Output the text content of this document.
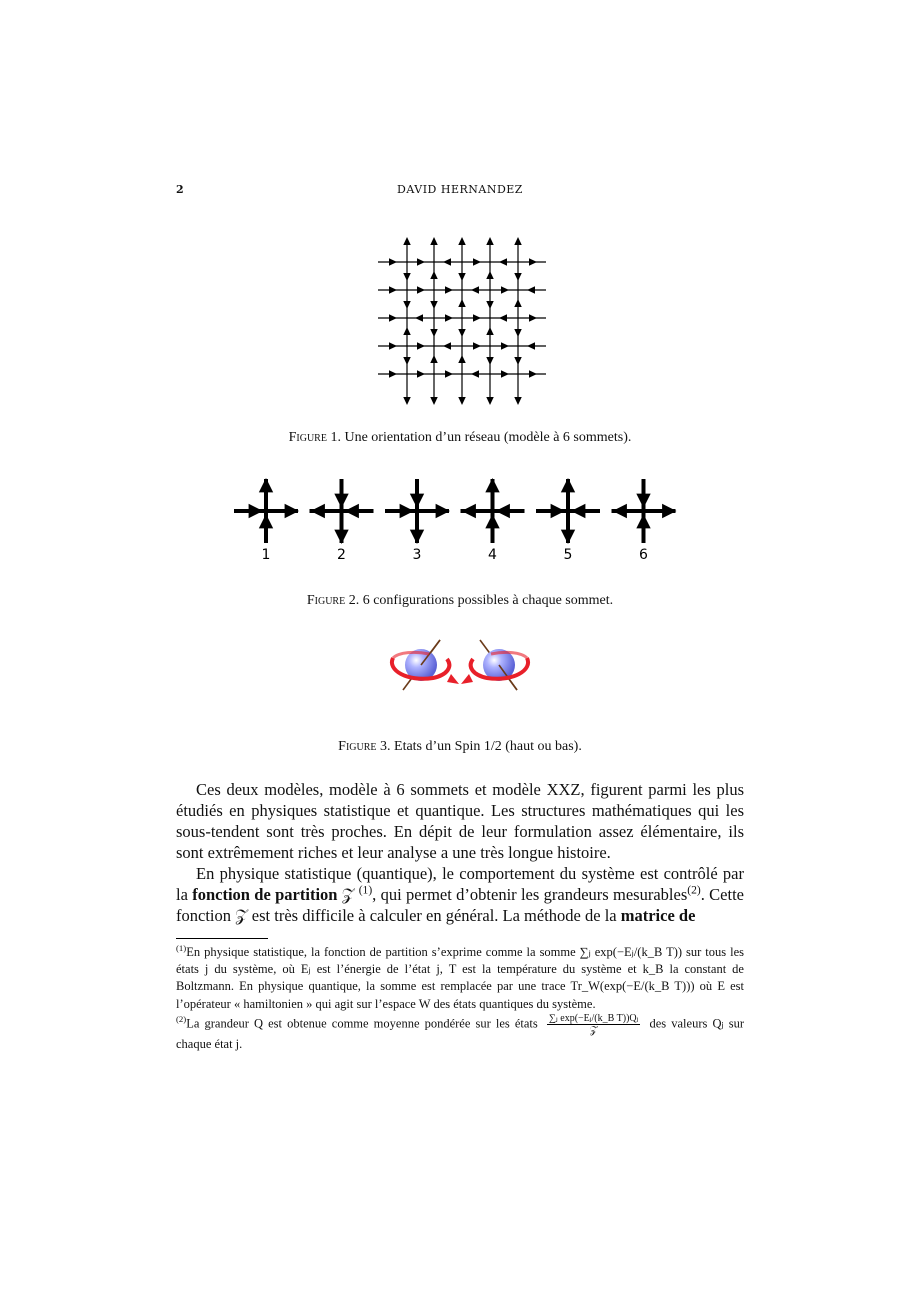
2	DAVID HERNANDEZ
Figure 1. Une orientation d’un réseau (modèle à 6 sommets).
1	2	3	4	5	6
Figure 2. 6 configurations possibles à chaque sommet.
Figure 3. Etats d’un Spin 1/2 (haut ou bas).

Ces deux modèles, modèle à 6 sommets et modèle XXZ, figurent parmi les plus étudiés en physiques statistique et quantique. Les structures mathématiques qui les sous-tendent sont très proches. En dépit de leur formulation assez élémentaire, ils sont extrêmement riches et leur analyse a une très longue histoire.

En physique statistique (quantique), le comportement du système est contrôlé par la fonction de partition 𝒵 $^{(1)}$, qui permet d’obtenir les grandeurs mesurables$^{(2)}$. Cette fonction 𝒵 est très difficile à calculer en général. La méthode de la matrice de

$^{(1)}$En physique statistique, la fonction de partition s’exprime comme la somme ∑ⱼ exp(−Eⱼ/(k_B T)) sur tous les états j du système, où Eⱼ est l’énergie de l’état j, T est la température du système et k_B la constant de Boltzmann. En physique quantique, la somme est remplacée par une trace Tr_W(exp(−E/(k_B T))) où E est l’opérateur « hamiltonien » qui agit sur l’espace W des états quantiques du système.

$^{(2)}$La grandeur Q est obtenue comme moyenne pondérée sur les états $\frac{\text{∑ⱼ exp(−Eⱼ/(k\_B T))Qⱼ}}{\text{𝒵}}$ des valeurs Qⱼ sur chaque état j.
